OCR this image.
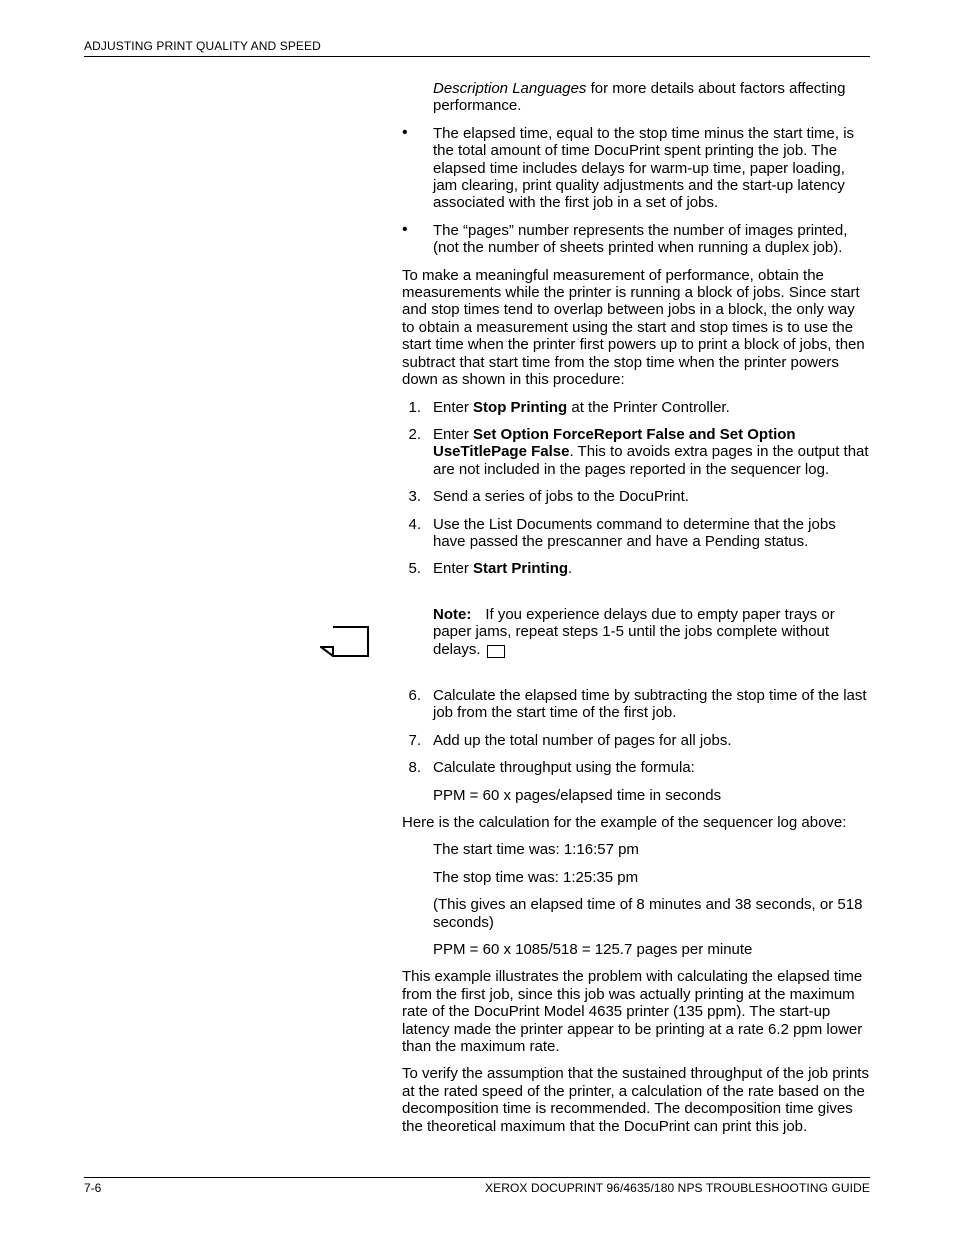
ADJUSTING PRINT QUALITY AND SPEED

Description Languages for more details about factors affecting performance.

• The elapsed time, equal to the stop time minus the start time, is the total amount of time DocuPrint spent printing the job. The elapsed time includes delays for warm-up time, paper loading, jam clearing, print quality adjustments and the start-up latency associated with the first job in a set of jobs.
• The “pages” number represents the number of images printed, (not the number of sheets printed when running a duplex job).

To make a meaningful measurement of performance, obtain the measurements while the printer is running a block of jobs. Since start and stop times tend to overlap between jobs in a block, the only way to obtain a measurement using the start and stop times is to use the start time when the printer first powers up to print a block of jobs, then subtract that start time from the stop time when the printer powers down as shown in this procedure:

1. Enter Stop Printing at the Printer Controller.
2. Enter Set Option ForceReport False and Set Option UseTitlePage False. This to avoids extra pages in the output that are not included in the pages reported in the sequencer log.
3. Send a series of jobs to the DocuPrint.
4. Use the List Documents command to determine that the jobs have passed the prescanner and have a Pending status.
5. Enter Start Printing.
Note: If you experience delays due to empty paper trays or paper jams, repeat steps 1-5 until the jobs complete without delays.
6. Calculate the elapsed time by subtracting the stop time of the last job from the start time of the first job.
7. Add up the total number of pages for all jobs.
8. Calculate throughput using the formula:

PPM = 60 x pages/elapsed time in seconds

Here is the calculation for the example of the sequencer log above:

The start time was: 1:16:57 pm

The stop time was: 1:25:35 pm

(This gives an elapsed time of 8 minutes and 38 seconds, or 518 seconds)

PPM = 60 x 1085/518 = 125.7 pages per minute

This example illustrates the problem with calculating the elapsed time from the first job, since this job was actually printing at the maximum rate of the DocuPrint Model 4635 printer (135 ppm). The start-up latency made the printer appear to be printing at a rate 6.2 ppm lower than the maximum rate.

To verify the assumption that the sustained throughput of the job prints at the rated speed of the printer, a calculation of the rate based on the decomposition time is recommended. The decomposition time gives the theoretical maximum that the DocuPrint can print this job.

7-6	XEROX DOCUPRINT 96/4635/180 NPS TROUBLESHOOTING GUIDE
